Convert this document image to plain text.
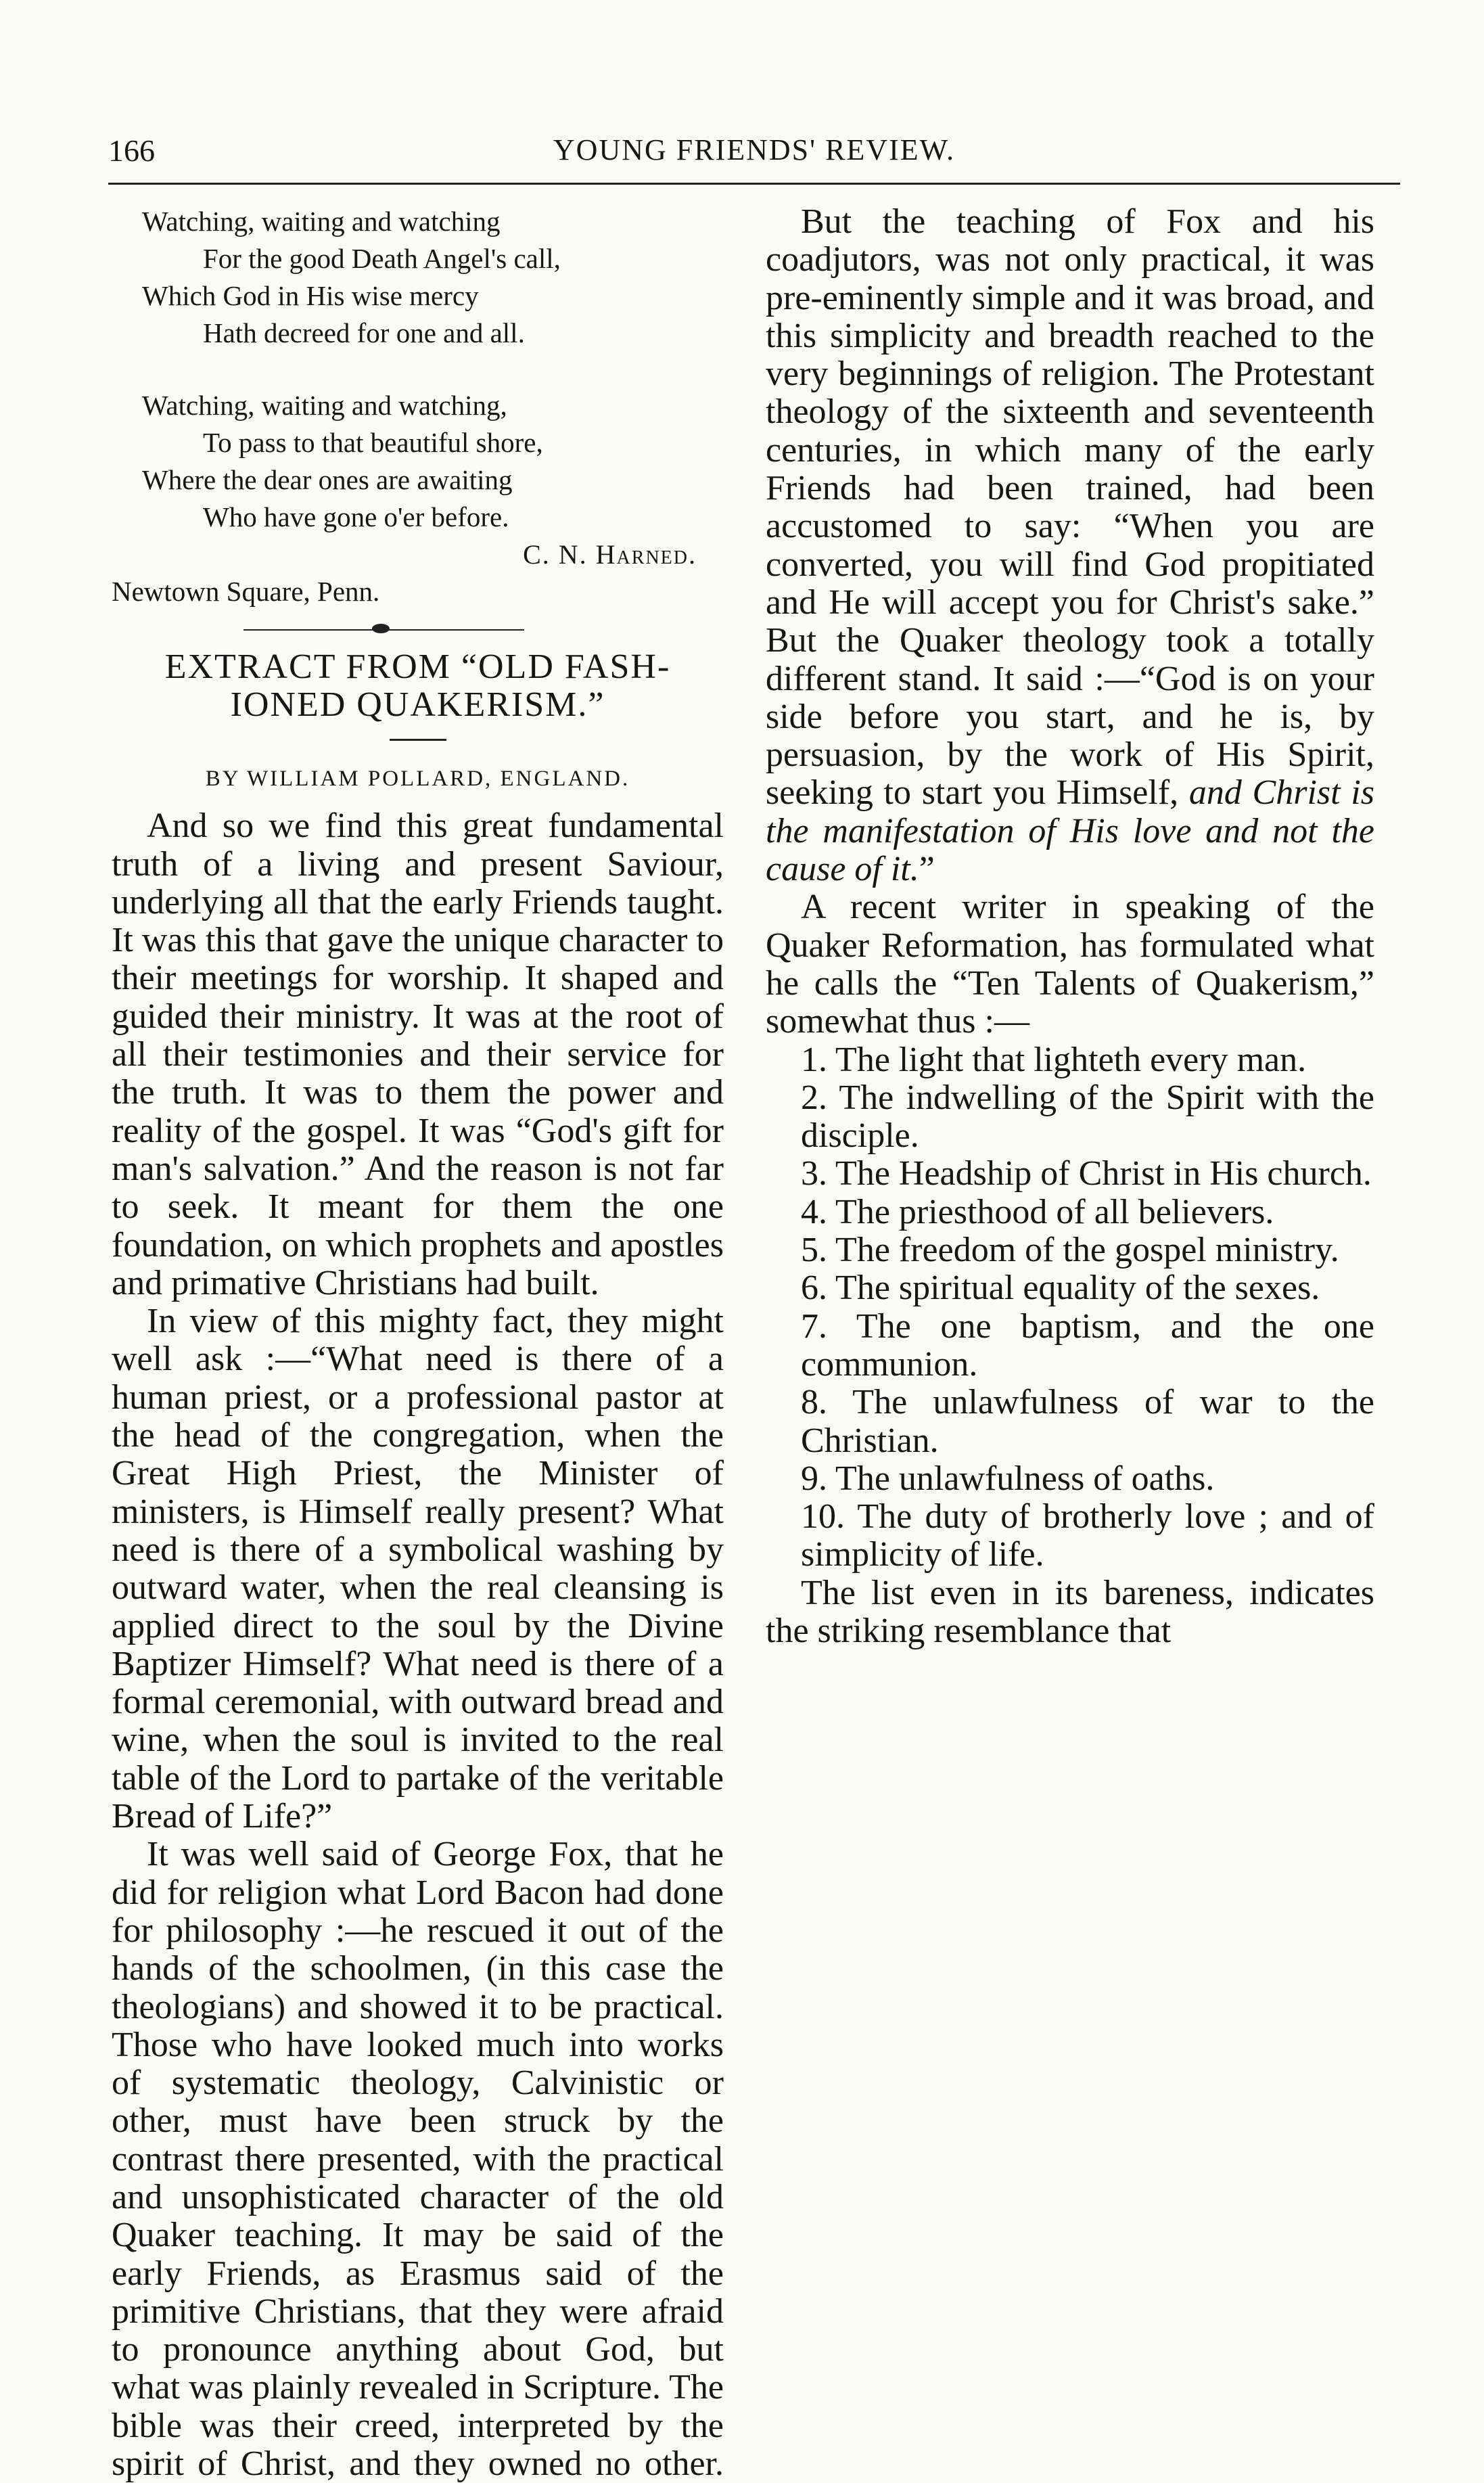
166	YOUNG FRIENDS' REVIEW.
Watching, waiting and watching
For the good Death Angel's call,
Which God in His wise mercy
Hath decreed for one and all.
Watching, waiting and watching,
To pass to that beautiful shore,
Where the dear ones are awaiting
Who have gone o'er before.
C. N. Harned.
Newtown Square, Penn.
EXTRACT FROM “OLD FASH-
IONED QUAKERISM.”
BY WILLIAM POLLARD, ENGLAND.

And so we find this great fundamental truth of a living and present Saviour, underlying all that the early Friends taught. It was this that gave the unique character to their meetings for worship. It shaped and guided their ministry. It was at the root of all their testimonies and their service for the truth. It was to them the power and reality of the gospel. It was “God's gift for man's salvation.” And the reason is not far to seek. It meant for them the one foundation, on which prophets and apostles and primative Christians had built.

In view of this mighty fact, they might well ask :—“What need is there of a human priest, or a professional pastor at the head of the congregation, when the Great High Priest, the Minister of ministers, is Himself really present? What need is there of a symbolical washing by outward water, when the real cleansing is applied direct to the soul by the Divine Baptizer Himself? What need is there of a formal ceremonial, with outward bread and wine, when the soul is invited to the real table of the Lord to partake of the veritable Bread of Life?”

It was well said of George Fox, that he did for religion what Lord Bacon had done for philosophy :—he rescued it out of the hands of the schoolmen, (in this case the theologians) and showed it to be practical. Those who have looked much into works of systematic theology, Calvinistic or other, must have been struck by the contrast there presented, with the practical and unsophisticated character of the old Quaker teaching. It may be said of the early Friends, as Erasmus said of the primitive Christians, that they were afraid to pronounce anything about God, but what was plainly revealed in Scripture. The bible was their creed, interpreted by the spirit of Christ, and they owned no other.

But the teaching of Fox and his coadjutors, was not only practical, it was pre-eminently simple and it was broad, and this simplicity and breadth reached to the very beginnings of religion. The Protestant theology of the sixteenth and seventeenth centuries, in which many of the early Friends had been trained, had been accustomed to say: “When you are converted, you will find God propitiated and He will accept you for Christ's sake.” But the Quaker theology took a totally different stand. It said :—“God is on your side before you start, and he is, by persuasion, by the work of His Spirit, seeking to start you Himself, and Christ is the manifestation of His love and not the cause of it.”

A recent writer in speaking of the Quaker Reformation, has formulated what he calls the “Ten Talents of Quakerism,” somewhat thus :—

1. The light that lighteth every man.

2. The indwelling of the Spirit with the disciple.

3. The Headship of Christ in His church.

4. The priesthood of all believers.

5. The freedom of the gospel ministry.

6. The spiritual equality of the sexes.

7. The one baptism, and the one communion.

8. The unlawfulness of war to the Christian.

9. The unlawfulness of oaths.

10. The duty of brotherly love ; and of simplicity of life.

The list even in its bareness, indicates the striking resemblance that
